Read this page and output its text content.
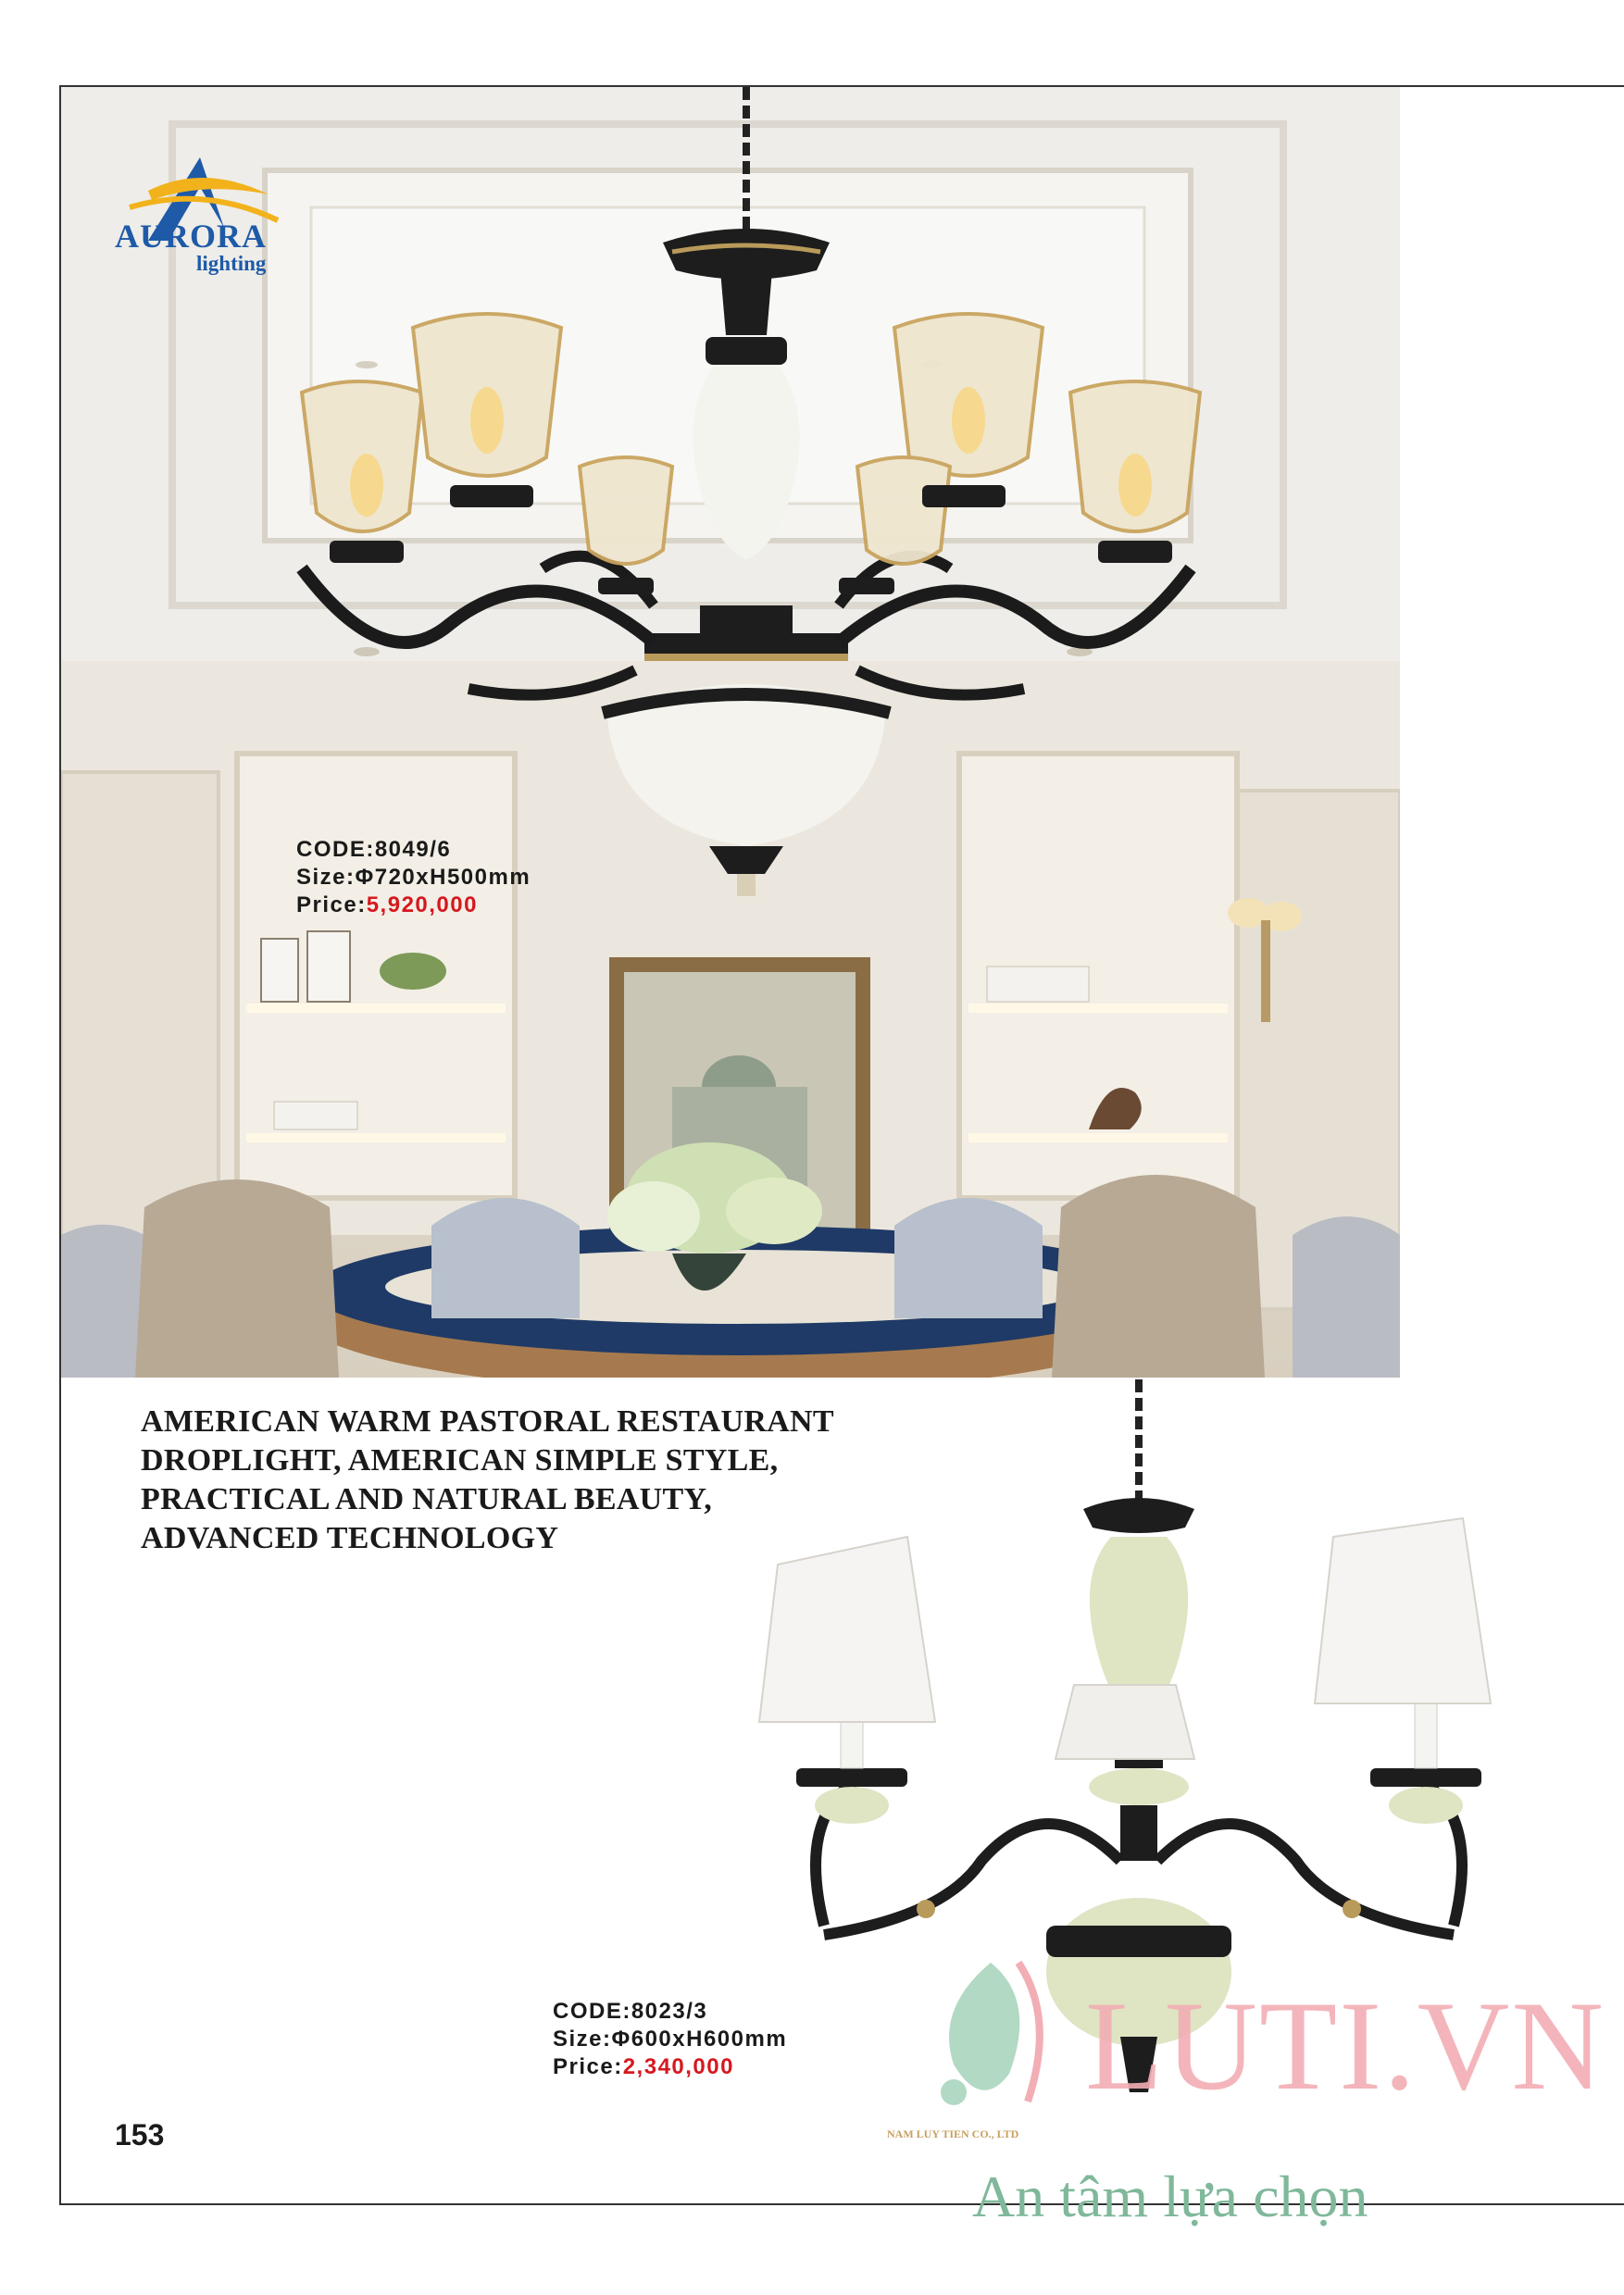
AURORA
lighting
CODE:8049/6
Size:Φ720xH500mm
Price:5,920,000
AMERICAN WARM PASTORAL RESTAURANT
DROPLIGHT, AMERICAN SIMPLE STYLE,
PRACTICAL AND NATURAL BEAUTY,
ADVANCED TECHNOLOGY
CODE:8023/3
Size:Φ600xH600mm
Price:2,340,000
153
LUTI.VN
NAM LUY TIEN CO., LTD
An tâm lựa chọn
